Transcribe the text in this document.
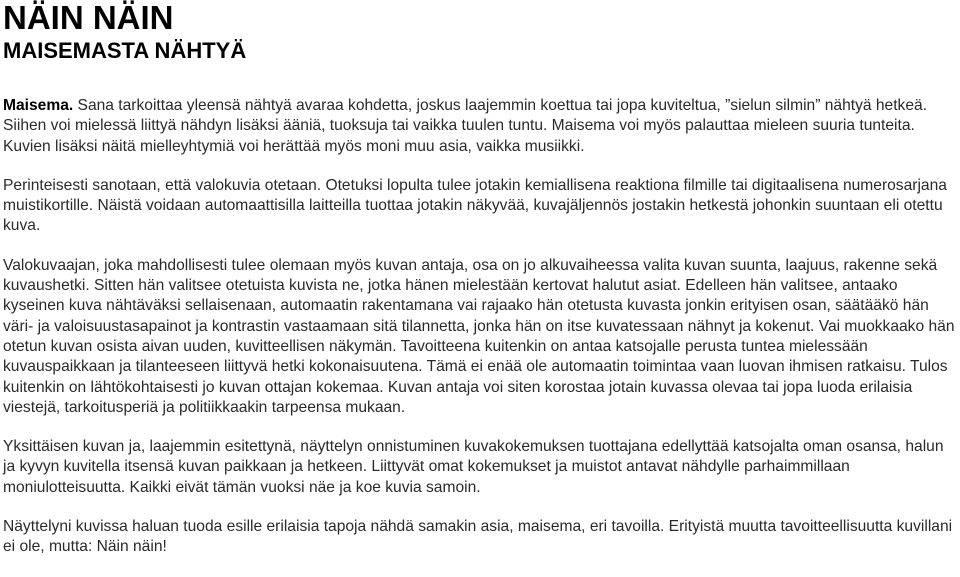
NÄIN NÄIN
MAISEMASTA NÄHTYÄ

Maisema. Sana tarkoittaa yleensä nähtyä avaraa kohdetta, joskus laajemmin koettua tai jopa kuviteltua, ”sielun silmin” nähtyä hetkeä. Siihen voi mielessä liittyä nähdyn lisäksi ääniä, tuoksuja tai vaikka tuulen tuntu. Maisema voi myös palauttaa mieleen suuria tunteita. Kuvien lisäksi näitä mielleyhtymiä voi herättää myös moni muu asia, vaikka musiikki.

Perinteisesti sanotaan, että valokuvia otetaan. Otetuksi lopulta tulee jotakin kemiallisena reaktiona filmille tai digitaalisena numerosarjana muistikortille. Näistä voidaan automaattisilla laitteilla tuottaa jotakin näkyvää, kuvajäljennös jostakin hetkestä johonkin suuntaan eli otettu kuva.

Valokuvaajan, joka mahdollisesti tulee olemaan myös kuvan antaja, osa on jo alkuvaiheessa valita kuvan suunta, laajuus, rakenne sekä kuvaushetki. Sitten hän valitsee otetuista kuvista ne, jotka hänen mielestään kertovat halutut asiat. Edelleen hän valitsee, antaako kyseinen kuva nähtäväksi sellaisenaan, automaatin rakentamana vai rajaako hän otetusta kuvasta jonkin erityisen osan, säätääkö hän väri- ja valoisuustasapainot ja kontrastin vastaamaan sitä tilannetta, jonka hän on itse kuvatessaan nähnyt ja kokenut. Vai muokkaako hän otetun kuvan osista aivan uuden, kuvitteellisen näkymän. Tavoitteena kuitenkin on antaa katsojalle perusta tuntea mielessään kuvauspaikkaan ja tilanteeseen liittyvä hetki kokonaisuutena. Tämä ei enää ole automaatin toimintaa vaan luovan ihmisen ratkaisu. Tulos kuitenkin on lähtökohtaisesti jo kuvan ottajan kokemaa. Kuvan antaja voi siten korostaa jotain kuvassa olevaa tai jopa luoda erilaisia viestejä, tarkoitusperiä ja politiikkaakin tarpeensa mukaan.

Yksittäisen kuvan ja, laajemmin esitettynä, näyttelyn onnistuminen kuvakokemuksen tuottajana edellyttää katsojalta oman osansa, halun ja kyvyn kuvitella itsensä kuvan paikkaan ja hetkeen. Liittyvät omat kokemukset ja muistot antavat nähdylle parhaimmillaan moniulotteisuutta. Kaikki eivät tämän vuoksi näe ja koe kuvia samoin.

Näyttelyni kuvissa haluan tuoda esille erilaisia tapoja nähdä samakin asia, maisema, eri tavoilla. Erityistä muutta tavoitteellisuutta kuvillani ei ole, mutta: Näin näin!
